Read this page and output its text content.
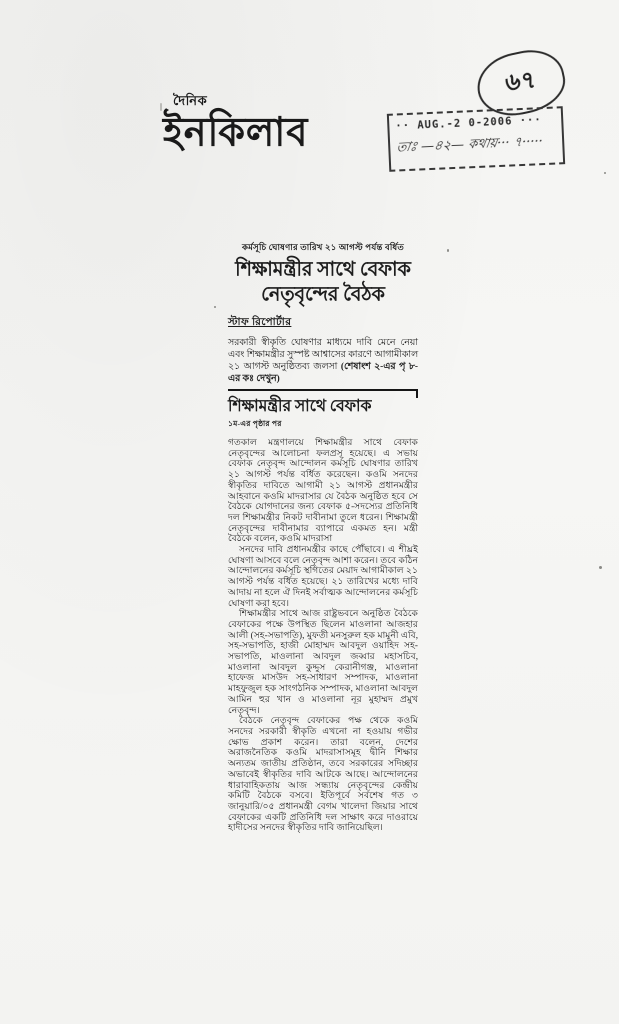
দৈনিক
ইনকিলাব
৬৭
·· AUG.-2 0-2006 ···
তাঃ —৪২— কথায়··· ৭·····
কর্মসূচি ঘোষণার তারিখ ২১ আগস্ট পর্যন্ত বর্ধিত
শিক্ষামন্ত্রীর সাথে বেফাক
নেতৃবৃন্দের বৈঠক
স্টাফ রিপোর্টার
সরকারী স্বীকৃতি ঘোষণার মাধ্যমে দাবি মেনে নেয়া এবং শিক্ষামন্ত্রীর সুস্পষ্ট আশ্বাসের কারণে আগামীকাল ২১ আগস্ট অনুষ্ঠিতব্য জলসা (শেষাংশ ২-এর পৃ ৮-এর কঃ দেখুন)
শিক্ষামন্ত্রীর সাথে বেফাক
১ম-এর পৃষ্ঠার পর

গতকাল মন্ত্রণালয়ে শিক্ষামন্ত্রীর সাথে বেফাক নেতৃবৃন্দের আলোচনা ফলপ্রসূ হয়েছে। এ সভায় বেফাক নেতৃবৃন্দ আন্দোলন কর্মসূচি ঘোষণার তারিখ ২১ আগস্ট পর্যন্ত বর্ধিত করেছেন। কওমি সনদের স্বীকৃতির দাবিতে আগামী ২১ আগস্ট প্রধানমন্ত্রীর আহবানে কওমি মাদরাসার যে বৈঠক অনুষ্ঠিত হবে সে বৈঠকে যোগদানের জন্য বেফাক ৫-সদস্যের প্রতিনিধি দল শিক্ষামন্ত্রীর নিকট দাবীনামা তুলে ধরেন। শিক্ষামন্ত্রী নেতৃবৃন্দের দাবীনামার ব্যাপারে একমত হন। মন্ত্রী বৈঠকে বলেন, কওমি মাদরাসা

সনদের দাবি প্রধানমন্ত্রীর কাছে পৌঁছাবে। এ শীঘ্রই ঘোষণা আসবে বলে নেতৃবৃন্দ আশা করেন। তবে কঠিন আন্দোলনের কর্মসূচি স্থগিতের মেয়াদ আগামীকাল ২১ আগস্ট পর্যন্ত বর্ধিত হয়েছে। ২১ তারিখের মধ্যে দাবি আদায় না হলে ঐ দিনই সর্বাত্মক আন্দোলনের কর্মসূচি ঘোষণা করা হবে।

শিক্ষামন্ত্রীর সাথে আজ রাষ্ট্রভবনে অনুষ্ঠিত বৈঠকে বেফাকের পক্ষে উপস্থিত ছিলেন মাওলানা আজহার আলী (সহ-সভাপতি), মুফতী মনসুরুল হক মামুনী এবি, সহ-সভাপতি, হাজী মোহাম্মদ আবদুল ওয়াহিদ সহ-সভাপতি, মাওলানা আবদুল জব্বার মহাসচিব, মাওলানা আবদুল কুদ্দুস কেরানীগঞ্জ, মাওলানা হাফেজ মাসউদ সহ-সাধারণ সম্পাদক, মাওলানা মাহফুজুল হক সাংগঠনিক সম্পাদক, মাওলানা আবদুল আমিন হুর খান ও মাওলানা নূর মুহাম্মদ প্রমুখ নেতৃবৃন্দ।

বৈঠকে নেতৃবৃন্দ বেফাকের পক্ষ থেকে কওমি সনদের সরকারী স্বীকৃতি এখনো না হওয়ায় গভীর ক্ষোভ প্রকাশ করেন। তারা বলেন, দেশের অরাজনৈতিক কওমি মাদরাসাসমূহ দ্বীনি শিক্ষার অন্যতম জাতীয় প্রতিষ্ঠান, তবে সরকারের সদিচ্ছার অভাবেই স্বীকৃতির দাবি আটকে আছে। আন্দোলনের ধারাবাহিকতায় আজ সন্ধ্যায় নেতৃবৃন্দের কেন্দ্রীয় কমিটি বৈঠকে বসবে। ইতিপূর্বে সর্বশেষ গত ৩ জানুয়ারি/০৫ প্রধানমন্ত্রী বেগম খালেদা জিয়ার সাথে বেফাকের একটি প্রতিনিধি দল সাক্ষাৎ করে দাওরায়ে হাদীসের সনদের স্বীকৃতির দাবি জানিয়েছিল।
